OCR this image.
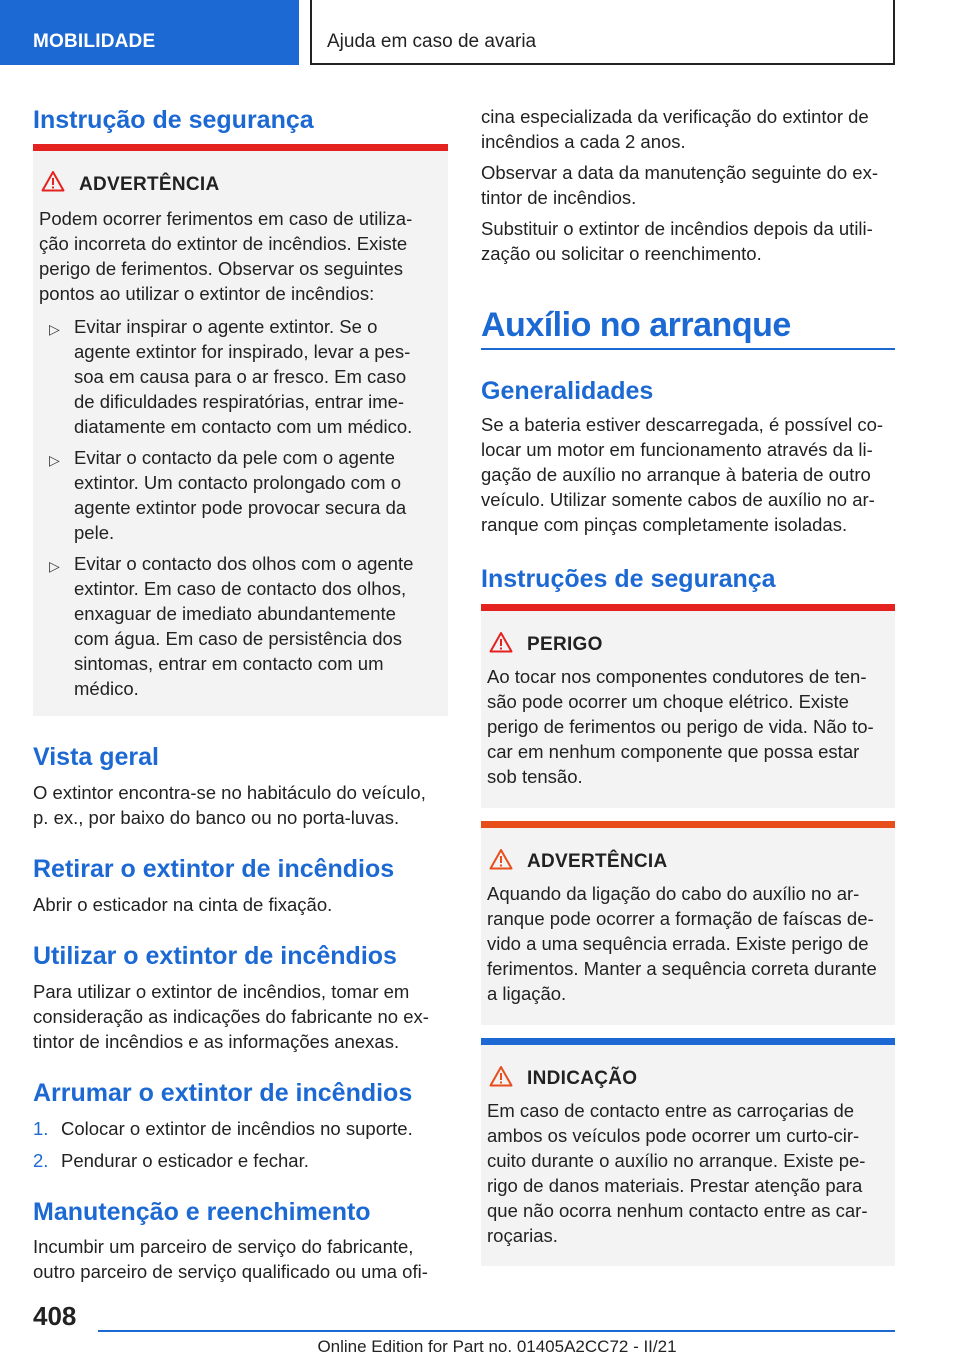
MOBILIDADE	Ajuda em caso de avaria
Instrução de segurança
ADVERTÊNCIA
Podem ocorrer ferimentos em caso de utiliza‐
ção incorreta do extintor de incêndios. Existe
perigo de ferimentos. Observar os seguintes
pontos ao utilizar o extintor de incêndios:
▷ Evitar inspirar o agente extintor. Se o
agente extintor for inspirado, levar a pes‐
soa em causa para o ar fresco. Em caso
de dificuldades respiratórias, entrar ime‐
diatamente em contacto com um médico.
▷ Evitar o contacto da pele com o agente
extintor. Um contacto prolongado com o
agente extintor pode provocar secura da
pele.
▷ Evitar o contacto dos olhos com o agente
extintor. Em caso de contacto dos olhos,
enxaguar de imediato abundantemente
com água. Em caso de persistência dos
sintomas, entrar em contacto com um
médico.
Vista geral
O extintor encontra-se no habitáculo do veículo,
p. ex., por baixo do banco ou no porta-luvas.
Retirar o extintor de incêndios
Abrir o esticador na cinta de fixação.
Utilizar o extintor de incêndios
Para utilizar o extintor de incêndios, tomar em
consideração as indicações do fabricante no ex‐
tintor de incêndios e as informações anexas.
Arrumar o extintor de incêndios
1. Colocar o extintor de incêndios no suporte.
2. Pendurar o esticador e fechar.
Manutenção e reenchimento
Incumbir um parceiro de serviço do fabricante,
outro parceiro de serviço qualificado ou uma ofi‐
cina especializada da verificação do extintor de
incêndios a cada 2 anos.
Observar a data da manutenção seguinte do ex‐
tintor de incêndios.
Substituir o extintor de incêndios depois da utili‐
zação ou solicitar o reenchimento.
Auxílio no arranque
Generalidades
Se a bateria estiver descarregada, é possível co‐
locar um motor em funcionamento através da li‐
gação de auxílio no arranque à bateria de outro
veículo. Utilizar somente cabos de auxílio no ar‐
ranque com pinças completamente isoladas.
Instruções de segurança
PERIGO
Ao tocar nos componentes condutores de ten‐
são pode ocorrer um choque elétrico. Existe
perigo de ferimentos ou perigo de vida. Não to‐
car em nenhum componente que possa estar
sob tensão.
ADVERTÊNCIA
Aquando da ligação do cabo do auxílio no ar‐
ranque pode ocorrer a formação de faíscas de‐
vido a uma sequência errada. Existe perigo de
ferimentos. Manter a sequência correta durante
a ligação.
INDICAÇÃO
Em caso de contacto entre as carroçarias de
ambos os veículos pode ocorrer um curto-cir‐
cuito durante o auxílio no arranque. Existe pe‐
rigo de danos materiais. Prestar atenção para
que não ocorra nenhum contacto entre as car‐
roçarias.
408
Online Edition for Part no. 01405A2CC72 - II/21
